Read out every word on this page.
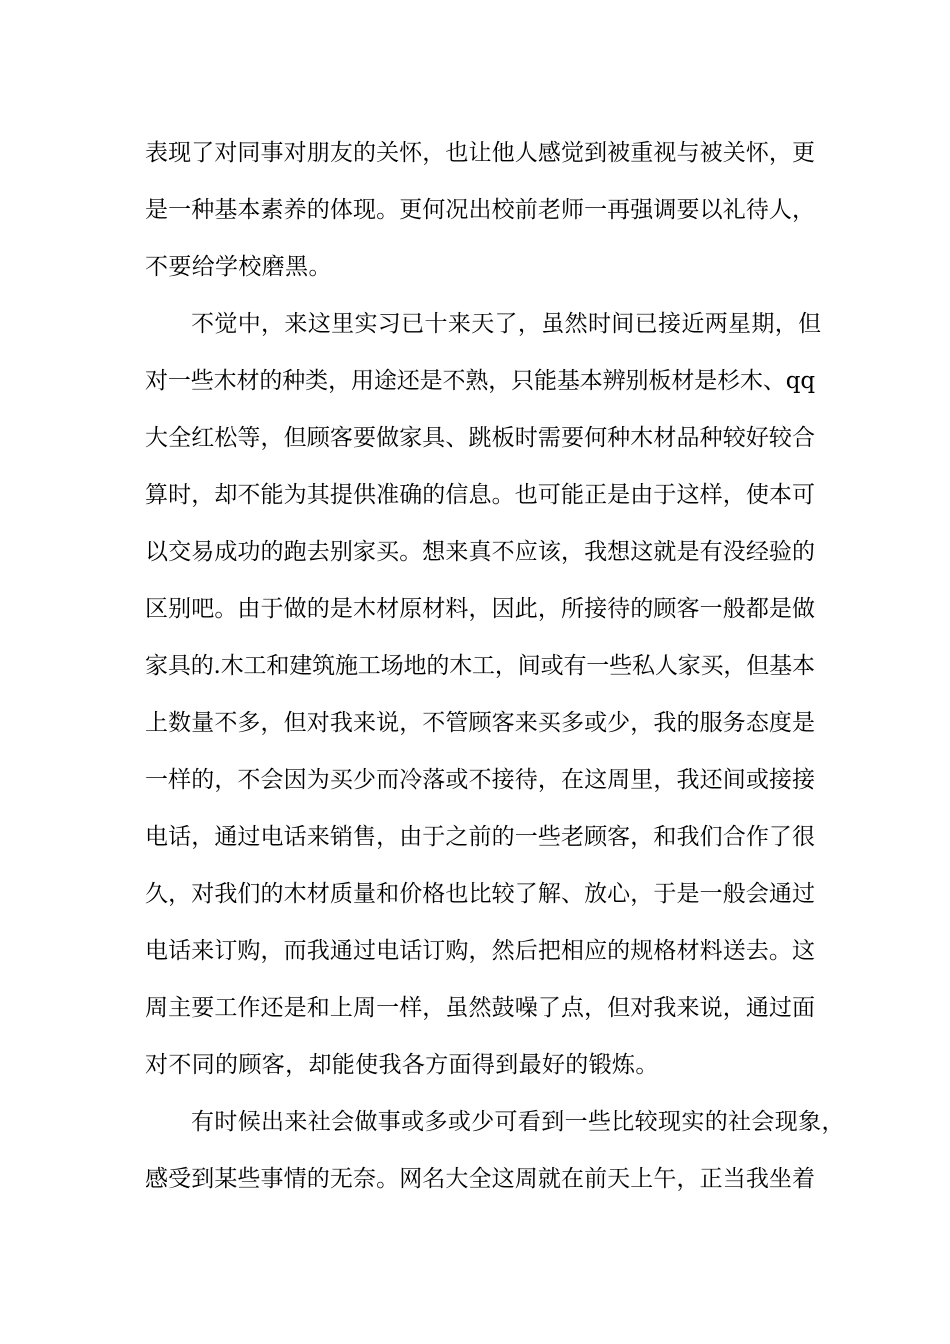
表现了对同事对朋友的关怀，也让他人感觉到被重视与被关怀，更

是一种基本素养的体现。更何况出校前老师一再强调要以礼待人，

不要给学校磨黑。

不觉中，来这里实习已十来天了，虽然时间已接近两星期，但

对一些木材的种类，用途还是不熟，只能基本辨别板材是杉木、qq

大全红松等，但顾客要做家具、跳板时需要何种木材品种较好较合

算时，却不能为其提供准确的信息。也可能正是由于这样，使本可

以交易成功的跑去别家买。想来真不应该，我想这就是有没经验的

区别吧。由于做的是木材原材料，因此，所接待的顾客一般都是做

家具的.木工和建筑施工场地的木工，间或有一些私人家买，但基本

上数量不多，但对我来说，不管顾客来买多或少，我的服务态度是

一样的，不会因为买少而冷落或不接待，在这周里，我还间或接接

电话，通过电话来销售，由于之前的一些老顾客，和我们合作了很

久，对我们的木材质量和价格也比较了解、放心，于是一般会通过

电话来订购，而我通过电话订购，然后把相应的规格材料送去。这

周主要工作还是和上周一样，虽然鼓噪了点，但对我来说，通过面

对不同的顾客，却能使我各方面得到最好的锻炼。

有时候出来社会做事或多或少可看到一些比较现实的社会现象，

感受到某些事情的无奈。网名大全这周就在前天上午，正当我坐着
